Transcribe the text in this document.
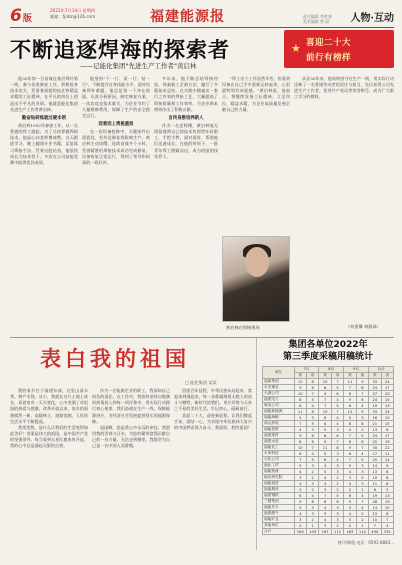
6版
2022年7月14日 星期四
邮箱：fjnbz@126.com	福建能源报	责任编辑 李胜春
美术编辑 曾 丽 人物·互动
不断追逐焊海的探索者
——记能化集团"先进生产工作者"黄启林
★ 喜迎二十大
前行有榜样

他30年如一日奋战在基层焊补第一线，参与各类修复工作，积极投身技术攻关，凭借着高超的技艺和精益求精的工匠精神，在平凡的岗位上创造出不平凡的业绩。他就是能化集团先进生产工作者黄启林。

勤奋钻研练就过硬本领

黄启林1992年参加工作，从一名普通的焊工做起。为了尽快掌握焊接技术，他虚心向老师傅请教，白天跟班学习，晚上翻阅专业书籍，反复练习焊接手法。凭着这股钻劲，他很快成长为技术骨干，多次在公司技能竞赛中取得优异成绩。

他坚持"干一行、爱一行、钻一行"，不断提升自身技能水平。面对设备焊补难题，他总是第一个冲在前面，认真分析原因，制定修复方案，一次次攻克技术难关，为企业节约了大量维修费用，保障了生产的安全稳定运行。

迎难而上勇挑重担

在一次设备抢修中，关键部件出现裂纹，若外送修复将影响生产。黄启林主动请缨，连续奋战多个小时，凭借精湛的焊接技术成功完成修复，设备恢复正常运行，得到了领导和同事的一致好评。

多年来，他不断总结焊接经验，探索新工艺新方法，编写了多篇技术总结，在实践中摸索出一套行之有效的焊接工艺，大幅提高了焊接质量和工作效率，为企业降本增效作出了积极贡献。

言传身教培养新人

作为一名老师傅，黄启林毫无保留地将自己的技术传授给年轻职工，手把手教、面对面讲，帮助他们迅速成长。在他的带领下，一批青年焊工脱颖而出，成为班组的技术骨干。

"焊工这个工作虽然辛苦，但看到设备在自己手中重新运转起来，心里就特别有成就感。"黄启林说。他表示，将继续发扬工匠精神，立足岗位，精益求精，为企业高质量发展贡献自己的力量。

从业30年来，他始终坚守在生产一线，用实际行动诠释了一名普通劳动者的责任与担当，先后获得公司先进生产工作者、优秀共产党员等荣誉称号，成为广大职工学习的榜样。

黄启林在焊接现场	（何嘉馨 林燕珠）
表白我的祖国
□ 能化集团 某某

我的家乡位于福建东部，这里山清水秀，物产丰饶。从小，我就在这片土地上成长，看着家乡一天天变化，心中充满了对祖国的热爱与感激。改革开放以来，家乡的面貌焕然一新，高楼林立，道路宽阔，人民的生活水平不断提高。

我常常想，是什么让我们的生活变得如此美好？答案是伟大的祖国，是中国共产党的坚强领导。每当看到五星红旗冉冉升起，我的心中总是涌起无限的自豪。

作为一名能源企业的职工，我深知自己肩负的责任。在工作中，我始终坚持以饱满的热情投入到每一项任务中，用实际行动践行初心使命。我们奋战在生产一线，保障能源供应，为经济社会发展提供坚实的能源保障。

祖国啊，您是我心中永远的牵挂。我愿用我的青春与汗水，为您的繁荣富强贡献自己的一份力量。无论走到哪里，我都会为自己是一名中国人而骄傲。

回望百年征程，中华民族从站起来、富起来到强起来，每一步都凝聚着无数人的奋斗与牺牲。新时代的我们，更应珍惜今天来之不易的美好生活，牢记初心，砥砺前行。

喜迎二十大，奋进新征程。让我们携起手来，团结一心，为实现中华民族伟大复兴的中国梦而努力奋斗。我爱你，我的祖国！

集团各单位2022年
第三季度采稿用稿统计
单位	7月		8月		9月		合计	
	采	用	采	用	采	用	采	用
福煤集团	12	8	10	7	11	9	33	24
永安煤业	9	6	8	5	7	6	24	17
天湖公司	10	7	9	6	8	7	27	20
福建电力	8	5	7	4	9	6	24	15
煤电公司	6	4	7	5	6	4	19	13
福能新能源	11	8	10	7	12	9	33	24
福能海峡	5	3	6	4	5	3	16	10
鸿山热电	7	5	6	4	8	6	21	15
福能投资	4	3	5	3	4	2	13	8
福建建材	9	6	8	6	7	5	24	17
福建水泥	8	6	9	7	8	6	25	19
福能化工	10	7	11	8	9	7	30	22
永荣科技	6	4	5	3	6	4	17	11
石化公司	7	5	6	4	7	5	20	14
福化工贸	5	3	4	3	5	3	14	9
福能物流	4	2	5	3	4	3	13	8
能化研究院	3	2	4	2	3	2	10	6
福能租赁	4	3	3	2	4	3	11	8
福能期货	3	2	3	2	2	1	8	5
福建钢铁	6	4	7	5	6	4	19	13
三钢集团	9	6	8	6	9	7	26	19
福能东方	5	3	4	3	5	4	14	10
福建燃气	4	3	5	3	4	2	13	8
福能矿业	3	2	4	3	3	2	10	7
其他单位	2	1	3	2	2	1	7	4
合计	160	109	167	112	163	114	490	335
统计/韩俊 电话：0591-8883...
